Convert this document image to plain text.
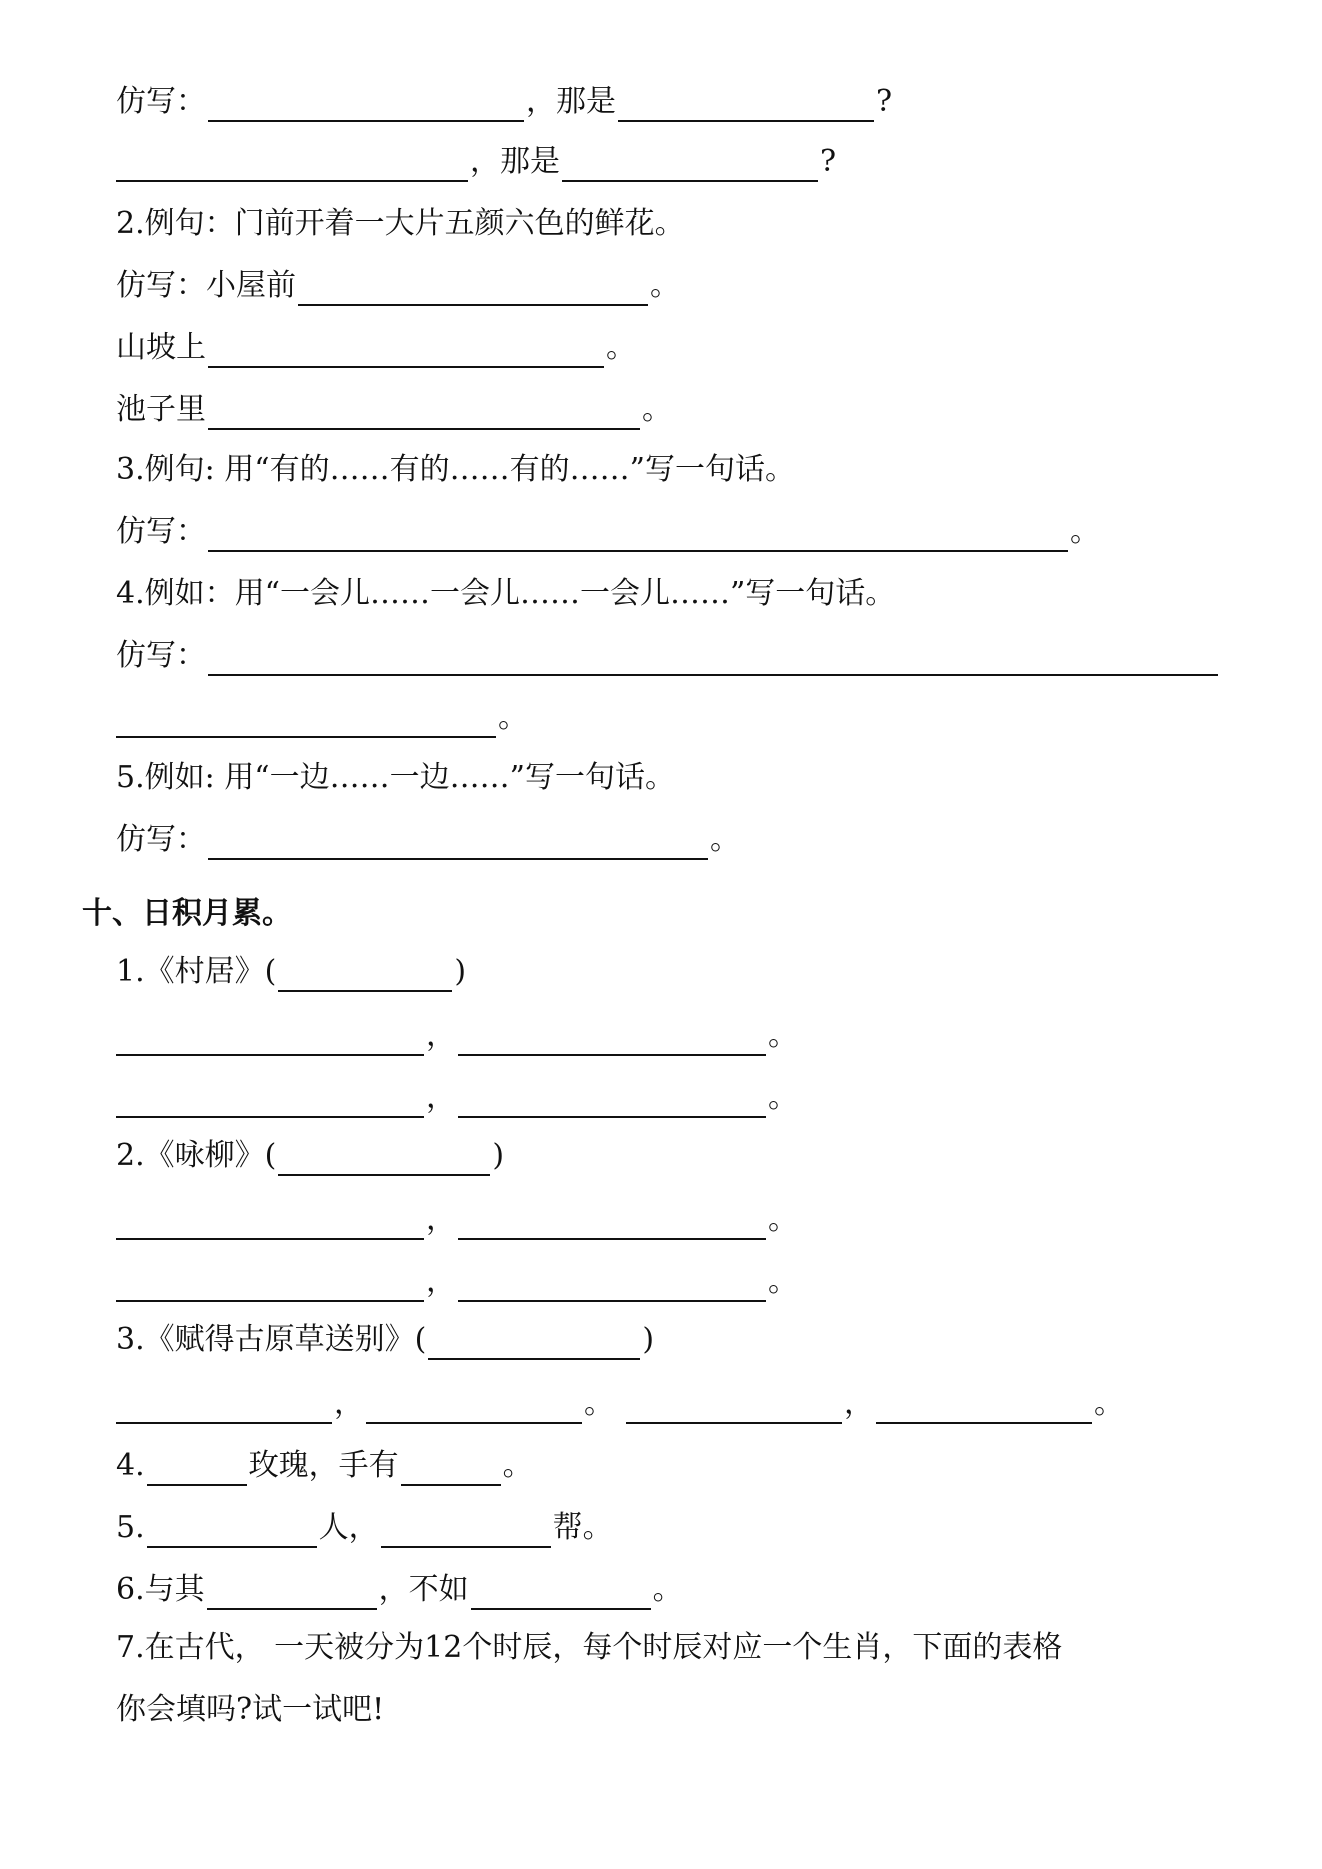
仿写：	，那是	?
，那是	?
2.例句：门前开着一大片五颜六色的鲜花。
仿写：小屋前	。
山坡上	。
池子里	。
3.例句: 用“有的……有的……有的……”写一句话。
仿写：	。
4.例如：用“一会儿……一会儿……一会儿……”写一句话。
仿写：
。
5.例如: 用“一边……一边……”写一句话。
仿写：	。
十、日积月累。
1.《村居》(	)
，	。
，	。
2.《咏柳》(	)
，	。
，	。
3.《赋得古原草送别》(	)
，	。	，	。
4.	玫瑰，手有	。
5.	人，	帮。
6.与其	，不如	。
7.在古代， 一天被分为12个时辰，每个时辰对应一个生肖，下面的表格
你会填吗?试一试吧!
